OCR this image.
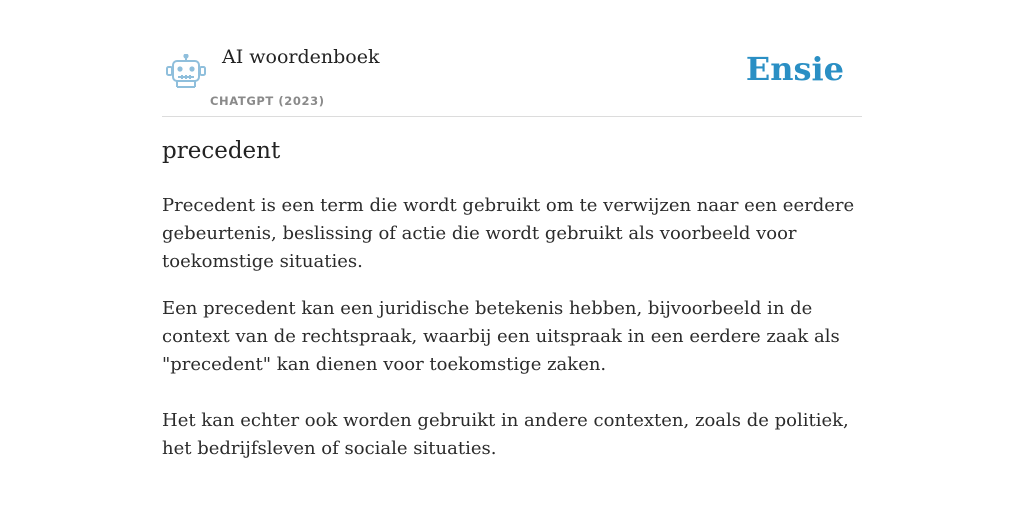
AI woordenboek
CHATGPT (2023)
Ensie
precedent

Precedent is een term die wordt gebruikt om te verwijzen naar een eerdere gebeurtenis, beslissing of actie die wordt gebruikt als voorbeeld voor toekomstige situaties.

Een precedent kan een juridische betekenis hebben, bijvoorbeeld in de context van de rechtspraak, waarbij een uitspraak in een eerdere zaak als "precedent" kan dienen voor toekomstige zaken.

Het kan echter ook worden gebruikt in andere contexten, zoals de politiek, het bedrijfsleven of sociale situaties.
